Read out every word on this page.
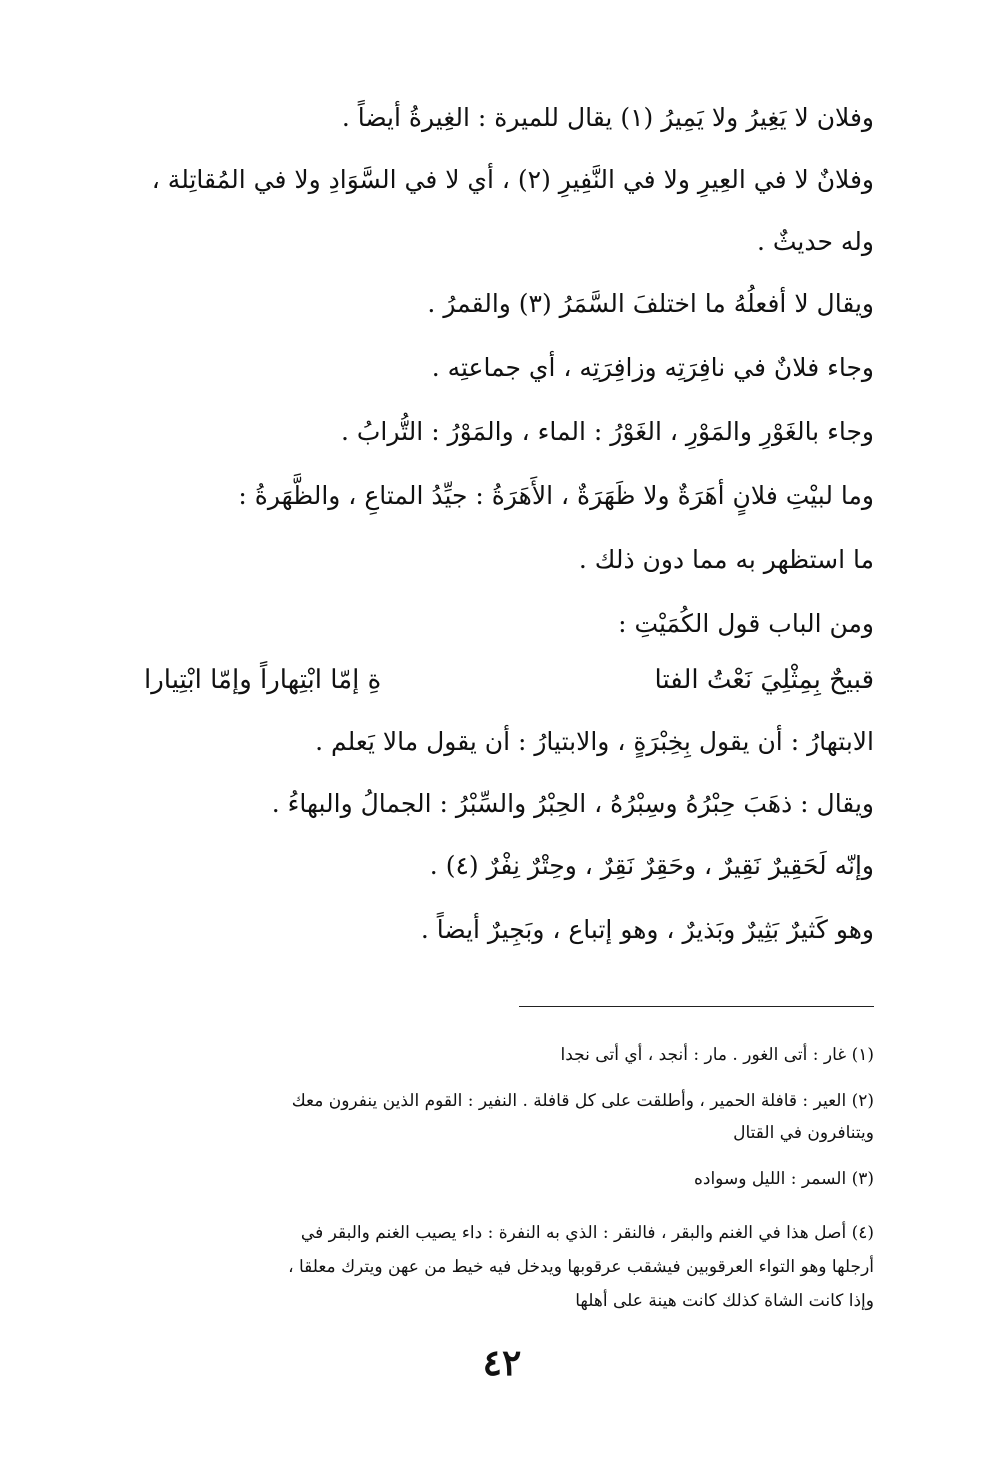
وفلان لا يَغِيرُ ولا يَمِيرُ (١) يقال للميرة : الغِيرةُ أيضاً .
وفلانٌ لا في العِيرِ ولا في النَّفِيرِ (٢) ، أي لا في السَّوَادِ ولا في المُقاتِلة ،
وله حديثٌ .
ويقال لا أفعلُهُ ما اختلفَ السَّمَرُ (٣) والقمرُ .
وجاء فلانٌ في نافِرَتِه وزافِرَتِه ، أي جماعتِه .
وجاء بالغَوْرِ والمَوْرِ ، الغَوْرُ : الماء ، والمَوْرُ : التُّرابُ .
وما لبيْتِ فلانٍ أهَرَةٌ ولا ظَهَرَةٌ ، الأَهَرَةُ : جيِّدُ المتاعِ ، والظَّهَرةُ :
ما استظهر به مما دون ذلك .
ومن الباب قول الكُمَيْتِ :
قبيحٌ بِمِثْلِيَ نَعْتُ الفتا
ةِ إمّا ابْتِهاراً وإمّا ابْتِيارا
الابتهارُ : أن يقول بِخِبْرَةٍ ، والابتيارُ : أن يقول مالا يَعلم .
ويقال : ذهَبَ حِبْرُهُ وسِبْرُهُ ، الحِبْرُ والسِّبْرُ : الجمالُ والبهاءُ .
وإنّه لَحَقِيرٌ نَقِيرٌ ، وحَقِرٌ نَقِرٌ ، وحِتْرٌ نِفْرٌ (٤) .
وهو كَثيرٌ بَثِيرٌ وبَذيرٌ ، وهو إتباع ، وبَجِيرٌ أيضاً .
(١) غار : أتى الغور . مار : أنجد ، أي أتى نجدا
(٢) العير : قافلة الحمير ، وأطلقت على كل قافلة . النفير : القوم الذين ينفرون معك
ويتنافرون في القتال
(٣) السمر : الليل وسواده
(٤) أصل هذا في الغنم والبقر ، فالنقر : الذي به النفرة : داء يصيب الغنم والبقر في
أرجلها وهو التواء العرقوبين فيشقب عرقوبها ويدخل فيه خيط من عهن ويترك معلقا ،
وإذا كانت الشاة كذلك كانت هينة على أهلها
٤٢
